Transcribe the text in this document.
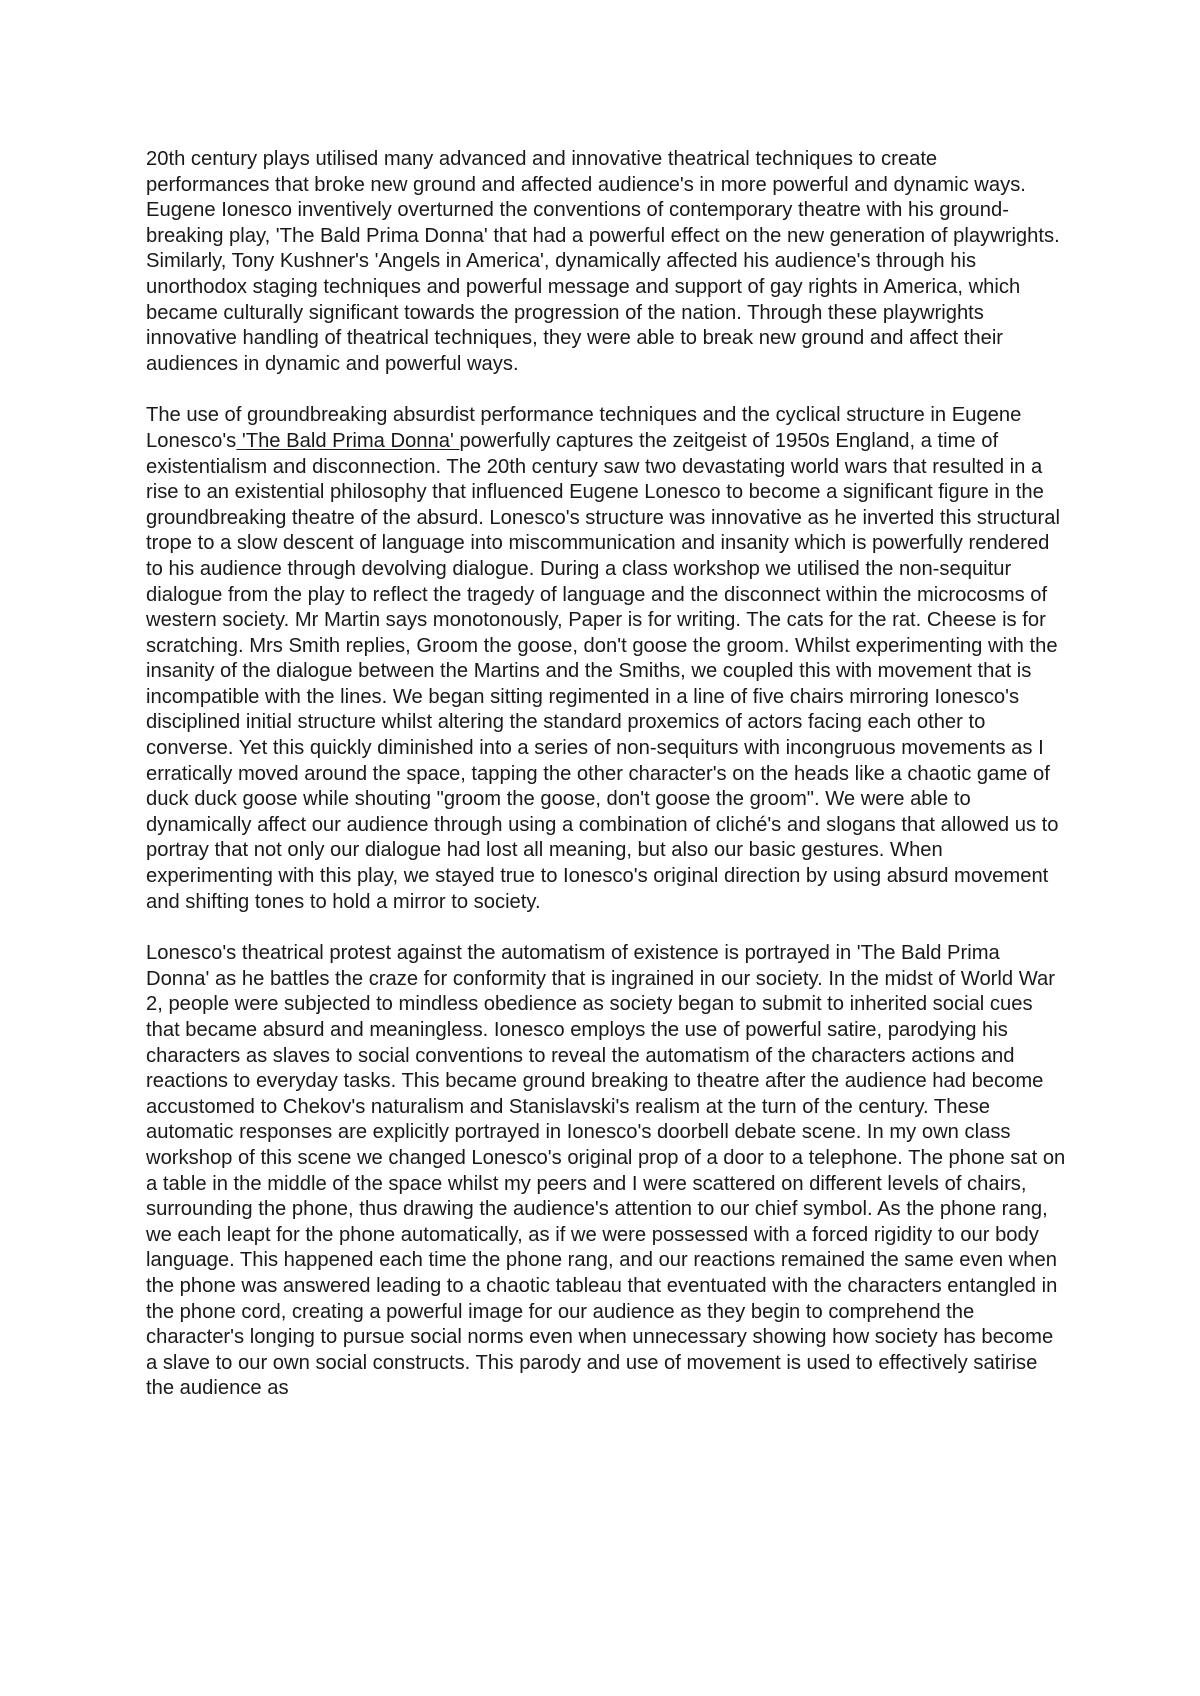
20th century plays utilised many advanced and innovative theatrical techniques to create performances that broke new ground and affected audience's in more powerful and dynamic ways. Eugene Ionesco inventively overturned the conventions of contemporary theatre with his ground-breaking play, 'The Bald Prima Donna' that had a powerful effect on the new generation of playwrights. Similarly, Tony Kushner's 'Angels in America', dynamically affected his audience's through his unorthodox staging techniques and powerful message and support of gay rights in America, which became culturally significant towards the progression of the nation. Through these playwrights innovative handling of theatrical techniques, they were able to break new ground and affect their audiences in dynamic and powerful ways.

The use of groundbreaking absurdist performance techniques and the cyclical structure in Eugene Lonesco's 'The Bald Prima Donna' powerfully captures the zeitgeist of 1950s England, a time of existentialism and disconnection. The 20th century saw two devastating world wars that resulted in a rise to an existential philosophy that influenced Eugene Lonesco to become a significant figure in the groundbreaking theatre of the absurd. Lonesco's structure was innovative as he inverted this structural trope to a slow descent of language into miscommunication and insanity which is powerfully rendered to his audience through devolving dialogue. During a class workshop we utilised the non-sequitur dialogue from the play to reflect the tragedy of language and the disconnect within the microcosms of western society. Mr Martin says monotonously, Paper is for writing. The cats for the rat. Cheese is for scratching. Mrs Smith replies, Groom the goose, don't goose the groom. Whilst experimenting with the insanity of the dialogue between the Martins and the Smiths, we coupled this with movement that is incompatible with the lines. We began sitting regimented in a line of five chairs mirroring Ionesco's disciplined initial structure whilst altering the standard proxemics of actors facing each other to converse. Yet this quickly diminished into a series of non-sequiturs with incongruous movements as I erratically moved around the space, tapping the other character's on the heads like a chaotic game of duck duck goose while shouting "groom the goose, don't goose the groom". We were able to dynamically affect our audience through using a combination of cliché's and slogans that allowed us to portray that not only our dialogue had lost all meaning, but also our basic gestures. When experimenting with this play, we stayed true to Ionesco's original direction by using absurd movement and shifting tones to hold a mirror to society.

Lonesco's theatrical protest against the automatism of existence is portrayed in 'The Bald Prima Donna' as he battles the craze for conformity that is ingrained in our society. In the midst of World War 2, people were subjected to mindless obedience as society began to submit to inherited social cues that became absurd and meaningless. Ionesco employs the use of powerful satire, parodying his characters as slaves to social conventions to reveal the automatism of the characters actions and reactions to everyday tasks. This became ground breaking to theatre after the audience had become accustomed to Chekov's naturalism and Stanislavski's realism at the turn of the century. These automatic responses are explicitly portrayed in Ionesco's doorbell debate scene. In my own class workshop of this scene we changed Lonesco's original prop of a door to a telephone. The phone sat on a table in the middle of the space whilst my peers and I were scattered on different levels of chairs, surrounding the phone, thus drawing the audience's attention to our chief symbol. As the phone rang, we each leapt for the phone automatically, as if we were possessed with a forced rigidity to our body language. This happened each time the phone rang, and our reactions remained the same even when the phone was answered leading to a chaotic tableau that eventuated with the characters entangled in the phone cord, creating a powerful image for our audience as they begin to comprehend the character's longing to pursue social norms even when unnecessary showing how society has become a slave to our own social constructs. This parody and use of movement is used to effectively satirise the audience as
